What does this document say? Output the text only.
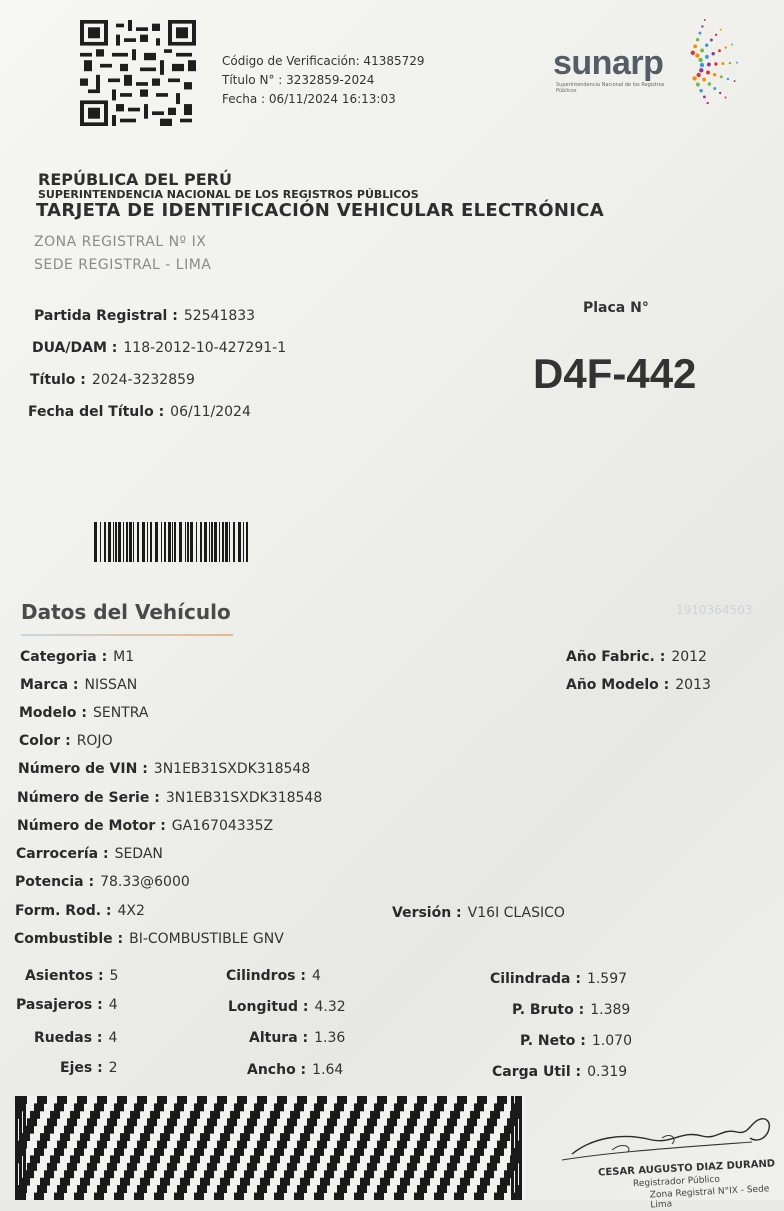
Código de Verificación: 41385729
Título N° : 3232859-2024
Fecha : 06/11/2024 16:13:03
sunarp
Superintendencia Nacional de los Registros Públicos
REPÚBLICA DEL PERÚ
SUPERINTENDENCIA NACIONAL DE LOS REGISTROS PÚBLICOS
TARJETA DE IDENTIFICACIÓN VEHICULAR ELECTRÓNICA
ZONA REGISTRAL Nº IX
SEDE REGISTRAL - LIMA
Partida Registral : 52541833
DUA/DAM : 118-2012-10-427291-1
Título : 2024-3232859
Fecha del Título : 06/11/2024
Placa N°
D4F-442
Datos del Vehículo	1910364503
Categoria : M1
Marca : NISSAN
Modelo : SENTRA
Color : ROJO
Número de VIN : 3N1EB31SXDK318548
Número de Serie : 3N1EB31SXDK318548
Número de Motor : GA16704335Z
Carrocería : SEDAN
Potencia : 78.33@6000
Form. Rod. : 4X2
Combustible : BI-COMBUSTIBLE GNV
Año Fabric. : 2012
Año Modelo : 2013
Versión : V16I CLASICO
Asientos : 5
Pasajeros : 4
Ruedas : 4
Ejes : 2
Cilindros : 4
Longitud : 4.32
Altura : 1.36
Ancho : 1.64
Cilindrada : 1.597
P. Bruto : 1.389
P. Neto : 1.070
Carga Util : 0.319
CESAR AUGUSTO DIAZ DURAND
Registrador Público
Zona Registral N°IX - Sede Lima
